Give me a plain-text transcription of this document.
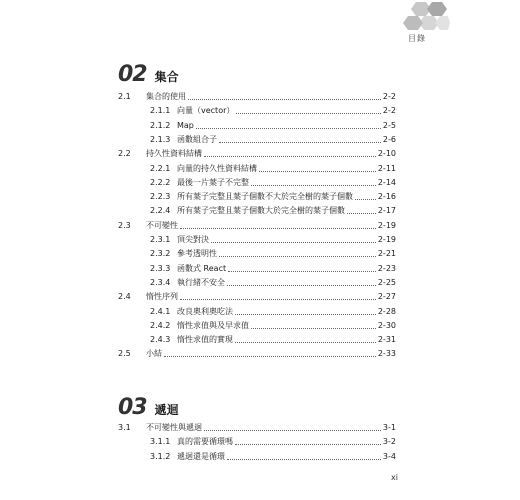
目錄
02 集合
2.1 集合的使用	2-2
2.1.1 向量（vector）	2-2
2.1.2 Map	2-5
2.1.3 函數組合子	2-6
2.2 持久性資料結構	2-10
2.2.1 向量的持久性資料結構	2-11
2.2.2 最後一片葉子不完整	2-14
2.2.3 所有葉子完整且葉子個數不大於完全樹的葉子個數	2-16
2.2.4 所有葉子完整且葉子個數大於完全樹的葉子個數	2-17
2.3 不可變性	2-19
2.3.1 頂尖對決	2-19
2.3.2 參考透明性	2-21
2.3.3 函數式 React	2-23
2.3.4 執行緒不安全	2-25
2.4 惰性序列	2-27
2.4.1 改良奧利奧吃法	2-28
2.4.2 惰性求值與及早求值	2-30
2.4.3 惰性求值的實現	2-31
2.5 小結	2-33
03 遞迴
3.1 不可變性與遞迴	3-1
3.1.1 真的需要循環嗎	3-2
3.1.2 遞迴還是循環	3-4
xi
